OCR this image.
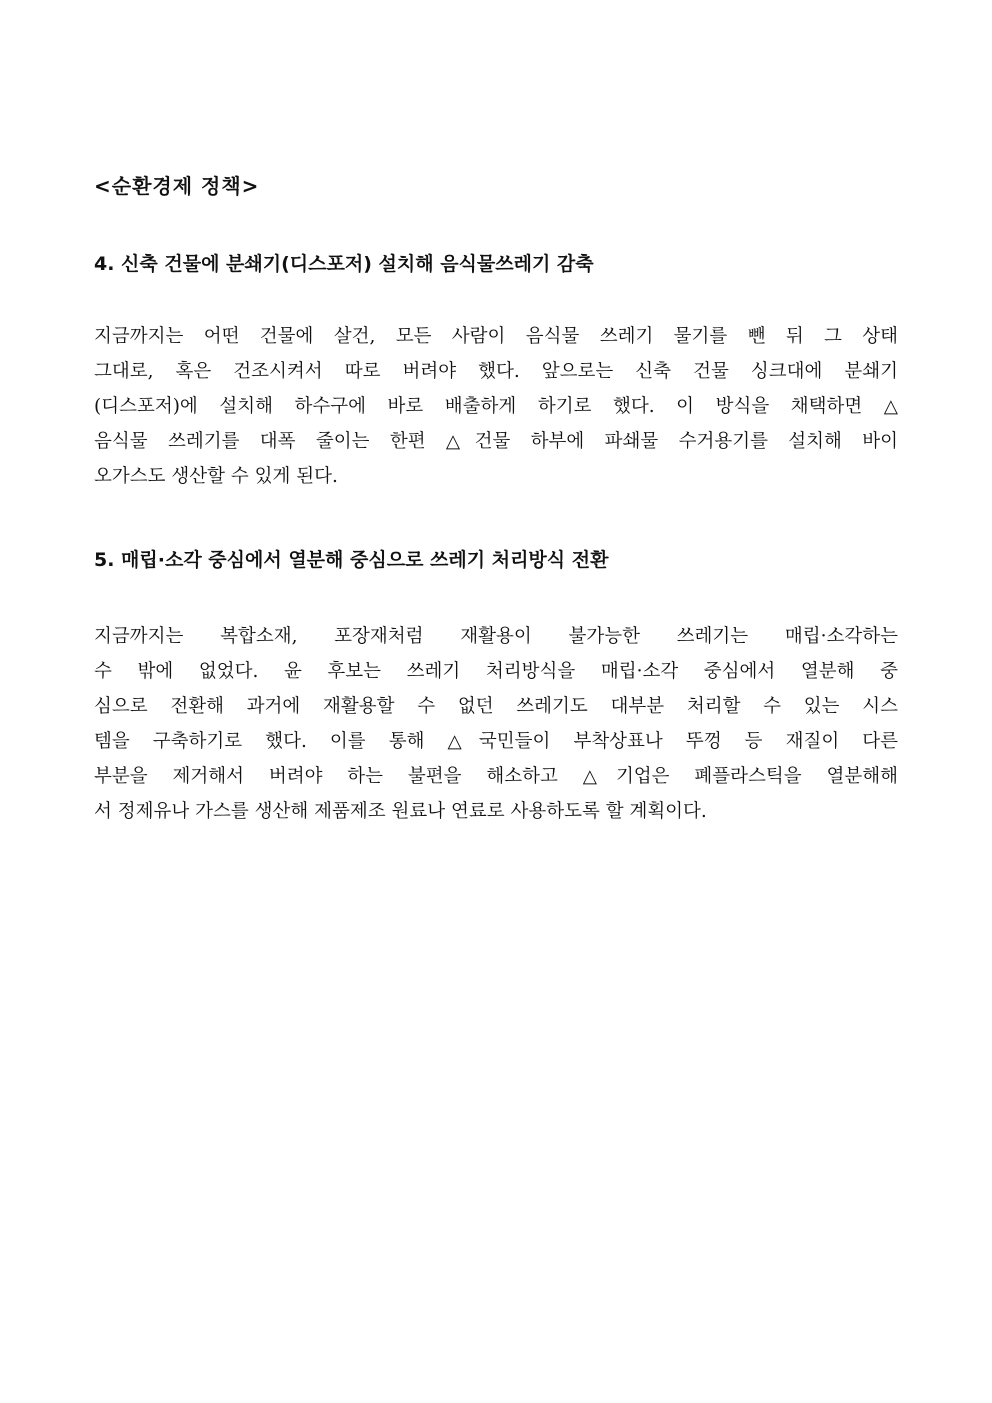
<순환경제 정책>
4. 신축 건물에 분쇄기(디스포저) 설치해 음식물쓰레기 감축
지금까지는 어떤 건물에 살건, 모든 사람이 음식물 쓰레기 물기를 뺀 뒤 그 상태
그대로, 혹은 건조시켜서 따로 버려야 했다. 앞으로는 신축 건물 싱크대에 분쇄기
(디스포저)에 설치해 하수구에 바로 배출하게 하기로 했다. 이 방식을 채택하면 △
음식물 쓰레기를 대폭 줄이는 한편 △건물 하부에 파쇄물 수거용기를 설치해 바이
오가스도 생산할 수 있게 된다.
5. 매립·소각 중심에서 열분해 중심으로 쓰레기 처리방식 전환
지금까지는 복합소재, 포장재처럼 재활용이 불가능한 쓰레기는 매립·소각하는
수 밖에 없었다. 윤 후보는 쓰레기 처리방식을 매립·소각 중심에서 열분해 중
심으로 전환해 과거에 재활용할 수 없던 쓰레기도 대부분 처리할 수 있는 시스
템을 구축하기로 했다. 이를 통해 △국민들이 부착상표나 뚜껑 등 재질이 다른
부분을 제거해서 버려야 하는 불편을 해소하고 △기업은 폐플라스틱을 열분해해
서 정제유나 가스를 생산해 제품제조 원료나 연료로 사용하도록 할 계획이다.
